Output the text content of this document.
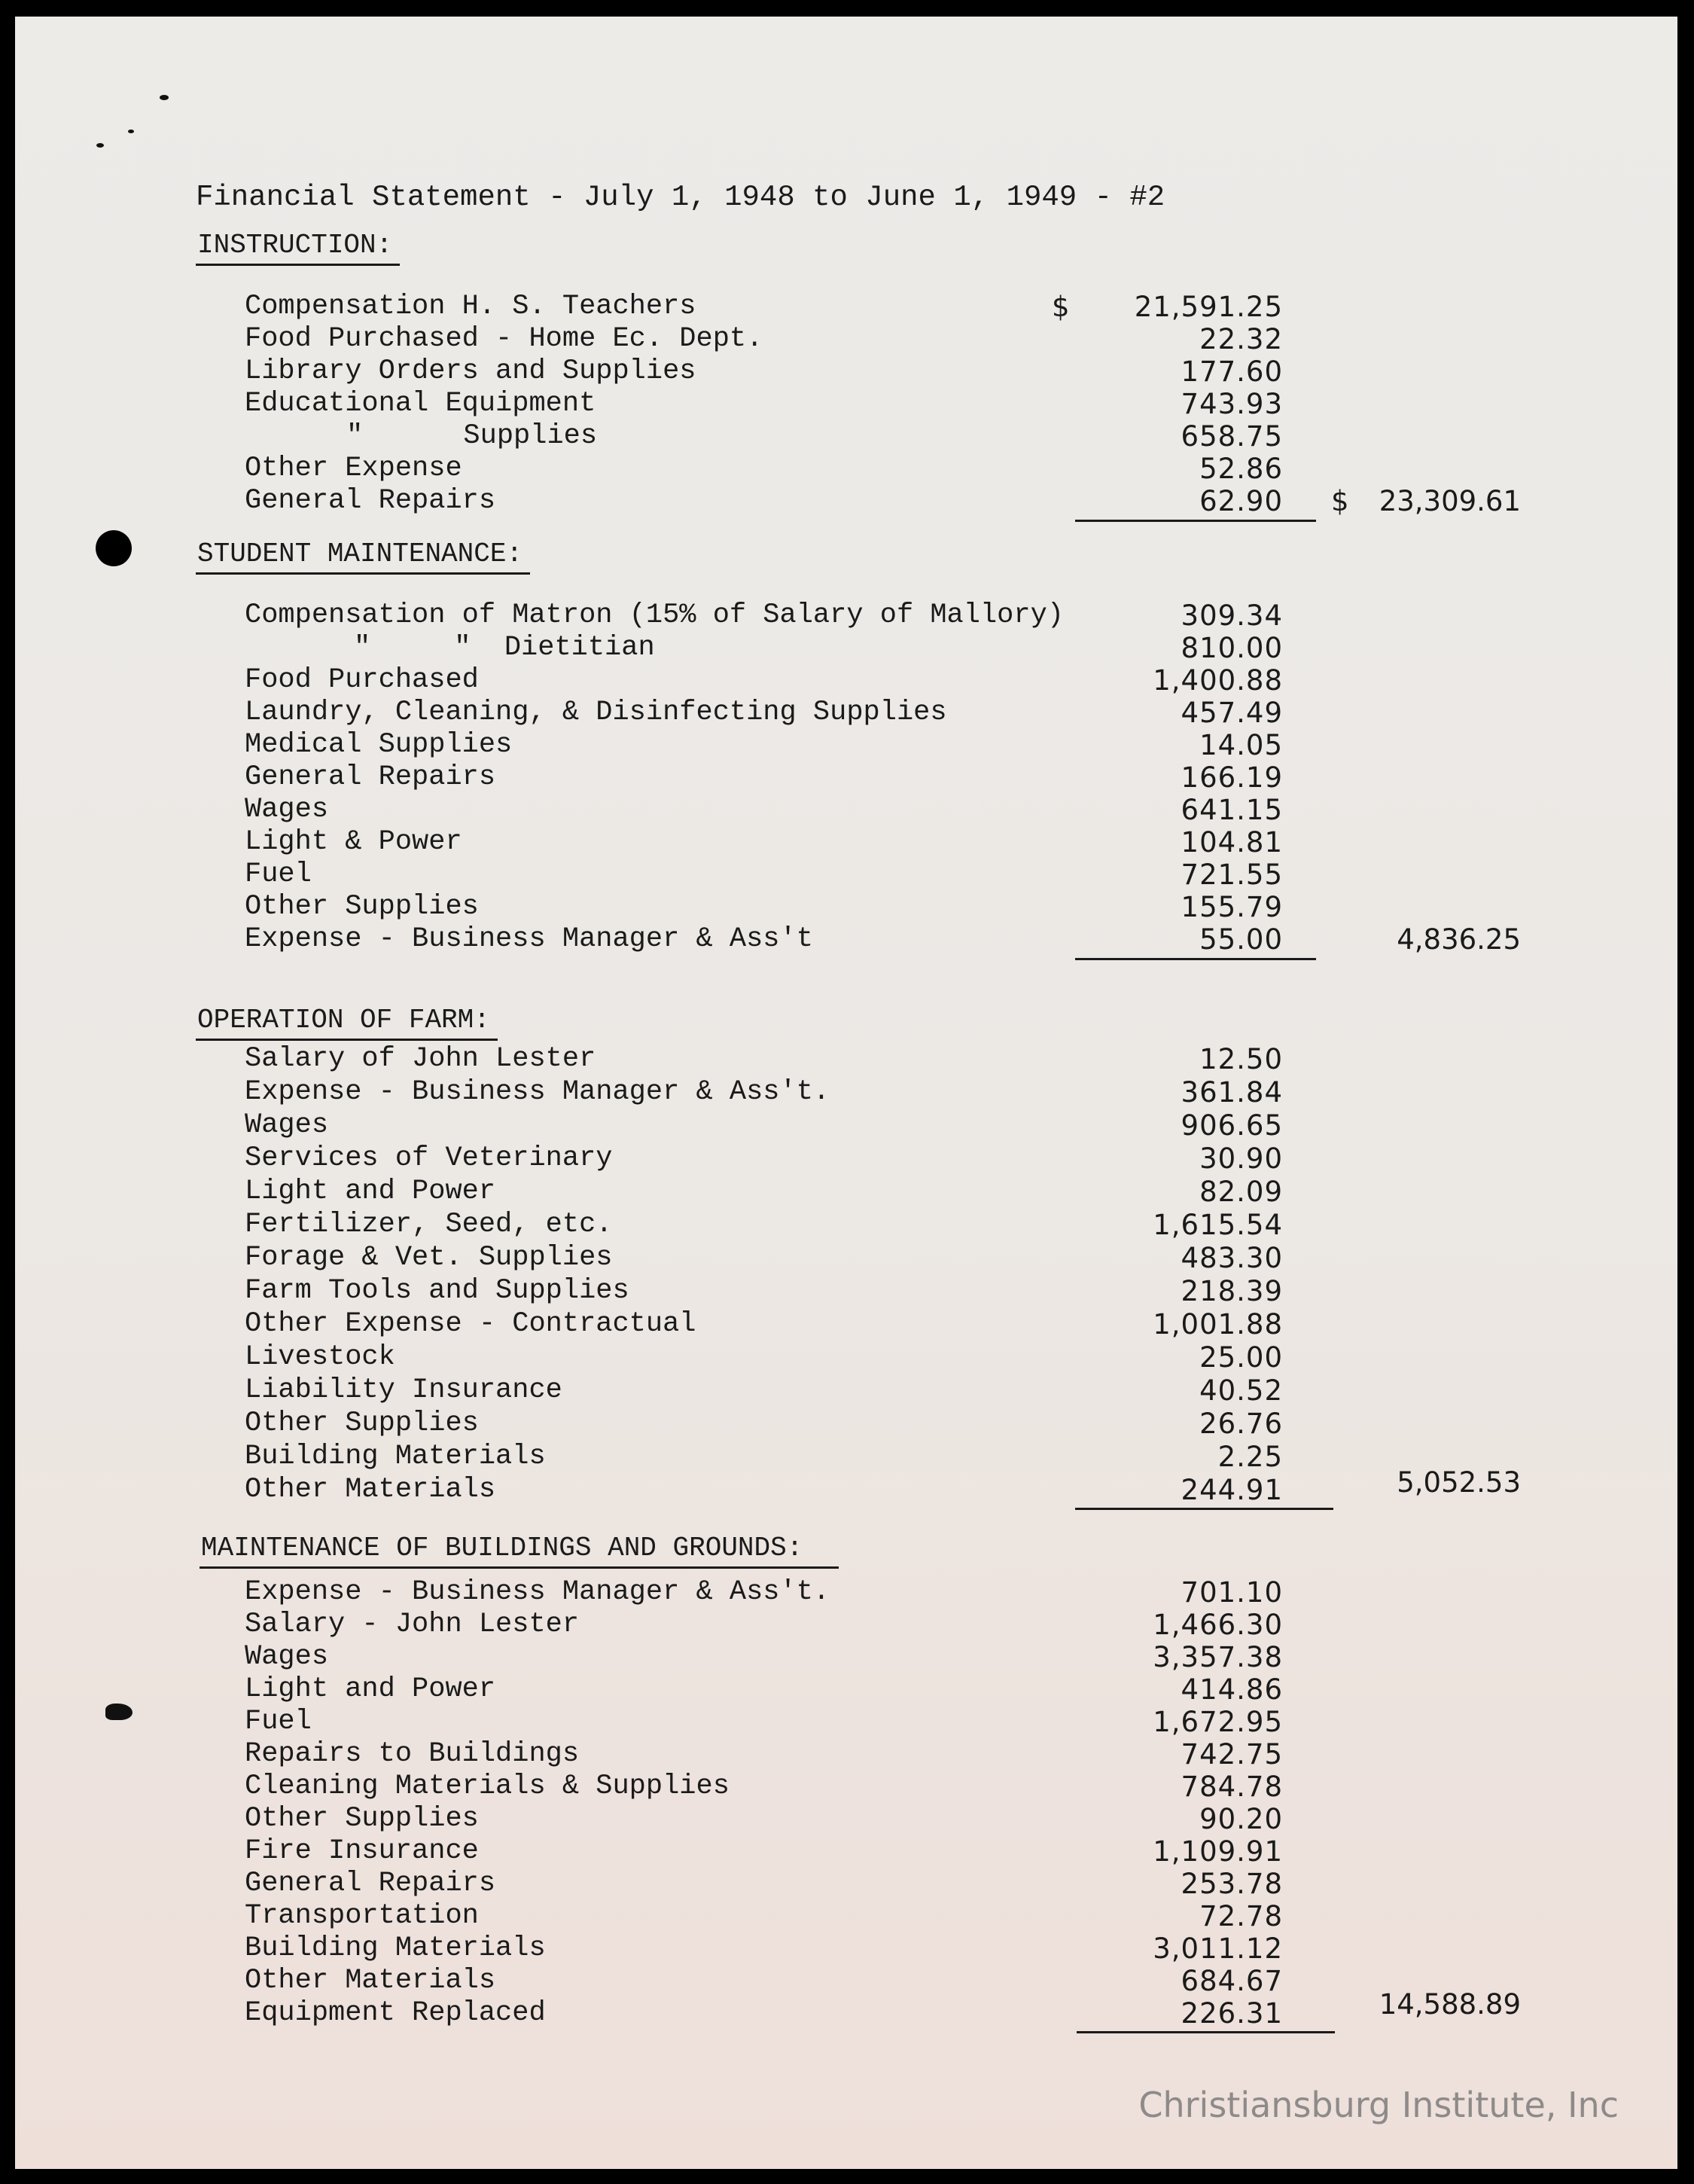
Financial Statement - July 1, 1948 to June 1, 1949 - #2
INSTRUCTION:
Compensation H. S. Teachers	$ 21,591.25
Food Purchased - Home Ec. Dept.	22.32
Library Orders and Supplies	177.60
Educational Equipment	743.93
"      Supplies	658.75
Other Expense	52.86
General Repairs	62.90 $	23,309.61
STUDENT MAINTENANCE:
Compensation of Matron (15% of Salary of Mallory)	309.34
"     "  Dietitian	810.00
Food Purchased	1,400.88
Laundry, Cleaning, & Disinfecting Supplies	457.49
Medical Supplies	14.05
General Repairs	166.19
Wages	641.15
Light & Power	104.81
Fuel	721.55
Other Supplies	155.79
Expense - Business Manager & Ass't	55.00	4,836.25
OPERATION OF FARM:
Salary of John Lester	12.50
Expense - Business Manager & Ass't.	361.84
Wages	906.65
Services of Veterinary	30.90
Light and Power	82.09
Fertilizer, Seed, etc.	1,615.54
Forage & Vet. Supplies	483.30
Farm Tools and Supplies	218.39
Other Expense - Contractual	1,001.88
Livestock	25.00
Liability Insurance	40.52
Other Supplies	26.76
Building Materials	2.25
Other Materials	244.91	5,052.53
MAINTENANCE OF BUILDINGS AND GROUNDS:
Expense - Business Manager & Ass't.	701.10
Salary - John Lester	1,466.30
Wages	3,357.38
Light and Power	414.86
Fuel	1,672.95
Repairs to Buildings	742.75
Cleaning Materials & Supplies	784.78
Other Supplies	90.20
Fire Insurance	1,109.91
General Repairs	253.78
Transportation	72.78
Building Materials	3,011.12
Other Materials	684.67
Equipment Replaced	226.31	14,588.89
Christiansburg Institute, Inc
